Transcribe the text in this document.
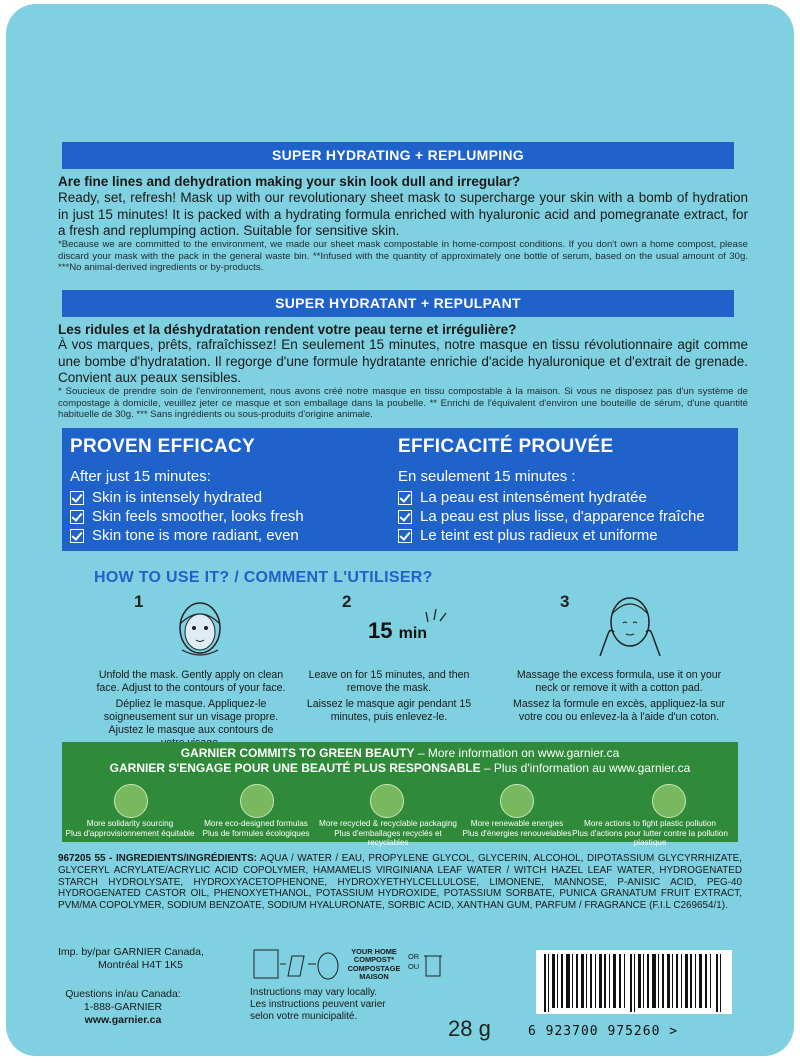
SUPER HYDRATING + REPLUMPING
Are fine lines and dehydration making your skin look dull and irregular?
Ready, set, refresh! Mask up with our revolutionary sheet mask to supercharge your skin with a bomb of hydration in just 15 minutes! It is packed with a hydrating formula enriched with hyaluronic acid and pomegranate extract, for a fresh and replumping action. Suitable for sensitive skin.
*Because we are committed to the environment, we made our sheet mask compostable in home-compost conditions. If you don't own a home compost, please discard your mask with the pack in the general waste bin. **Infused with the quantity of approximately one bottle of serum, based on the usual amount of 30g. ***No animal-derived ingredients or by-products.
SUPER HYDRATANT + REPULPANT
Les ridules et la déshydratation rendent votre peau terne et irrégulière?
À vos marques, prêts, rafraîchissez! En seulement 15 minutes, notre masque en tissu révolutionnaire agit comme une bombe d'hydratation. Il regorge d'une formule hydratante enrichie d'acide hyaluronique et d'extrait de grenade. Convient aux peaux sensibles.
* Soucieux de prendre soin de l'environnement, nous avons créé notre masque en tissu compostable à la maison. Si vous ne disposez pas d'un système de compostage à domicile, veuillez jeter ce masque et son emballage dans la poubelle. ** Enrichi de l'équivalent d'environ une bouteille de sérum, d'une quantité habituelle de 30g. *** Sans ingrédients ou sous-produits d'origine animale.
PROVEN EFFICACY
After just 15 minutes:
Skin is intensely hydrated
Skin feels smoother, looks fresh
Skin tone is more radiant, even
EFFICACITÉ PROUVÉE
En seulement 15 minutes :
La peau est intensément hydratée
La peau est plus lisse, d'apparence fraîche
Le teint est plus radieux et uniforme
HOW TO USE IT? / COMMENT L'UTILISER?
1	2
15 min
3
Unfold the mask. Gently apply on clean face. Adjust to the contours of your face.
Dépliez le masque. Appliquez-le soigneusement sur un visage propre. Ajustez le masque aux contours de
Leave on for 15 minutes, and then remove the mask.
Laissez le masque agir pendant 15 minutes, puis enlevez-le.
Massage the excess formula, use it on your neck or remove it with a cotton pad.
Massez la formule en excès, appliquez-la sur votre cou ou enlevez-la à l'aide d'un coton.
GARNIER COMMITS TO GREEN BEAUTY – More information on www.garnier.ca
GARNIER S'ENGAGE POUR UNE BEAUTÉ PLUS RESPONSABLE – Plus d'information au www.garnier.ca
More solidarity sourcing
Plus d'approvisionnement équitable
More eco-designed formulas
Plus de formules écologiques
More recycled & recyclable packaging
Plus d'emballages recyclés et recyclables
More renewable energies
Plus d'énergies renouvelables
More actions to fight plastic pollution
Plus d'actions pour lutter contre la pollution plastique
967205 55 - INGREDIENTS/INGRÉDIENTS: AQUA / WATER / EAU, PROPYLENE GLYCOL, GLYCERIN, ALCOHOL, DIPOTASSIUM GLYCYRRHIZATE, GLYCERYL ACRYLATE/ACRYLIC ACID COPOLYMER, HAMAMELIS VIRGINIANA LEAF WATER / WITCH HAZEL LEAF WATER, HYDROGENATED STARCH HYDROLYSATE, HYDROXYACETOPHENONE, HYDROXYETHYLCELLULOSE, LIMONENE, MANNOSE, P-ANISIC ACID, PEG-40 HYDROGENATED CASTOR OIL, PHENOXYETHANOL, POTASSIUM HYDROXIDE, POTASSIUM SORBATE, PUNICA GRANATUM FRUIT EXTRACT, PVM/MA COPOLYMER, SODIUM BENZOATE, SODIUM HYALURONATE, SORBIC ACID, XANTHAN GUM, PARFUM / FRAGRANCE (F.I.L C269654/1).
Imp. by/par GARNIER Canada,
Montréal H4T 1K5
Questions in/au Canada:
1-888-GARNIER
www.garnier.ca
YOUR HOME
COMPOST*
COMPOSTAGE
MAISON
OR
OU
Instructions may vary locally.
Les instructions peuvent varier
selon votre municipalité.	28 g	6 923700 975260 >
